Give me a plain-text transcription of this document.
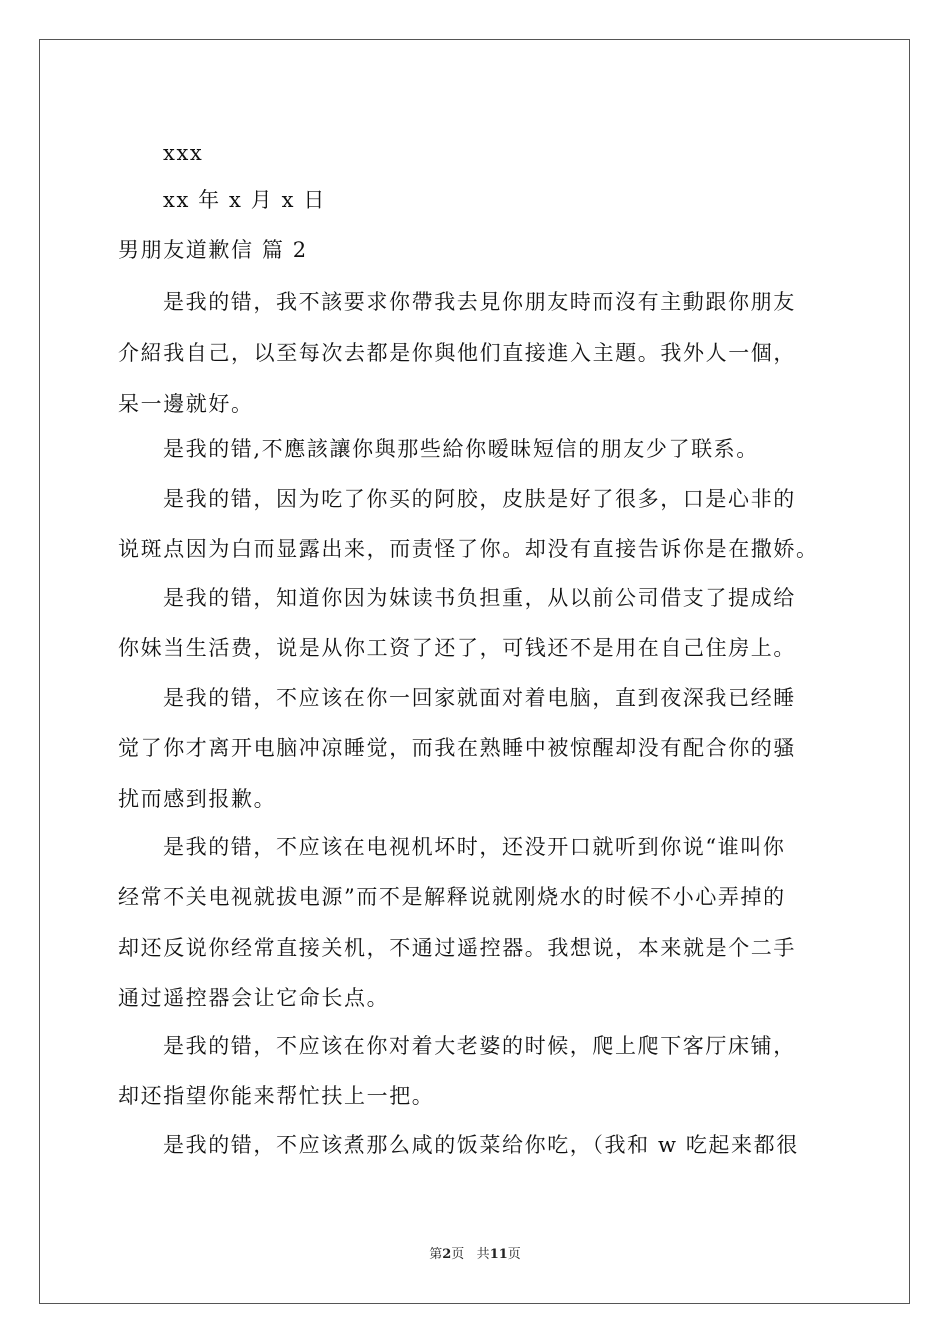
xxx
xx 年 x 月 x 日
男朋友道歉信 篇 2
是我的错，我不該要求你帶我去見你朋友時而沒有主動跟你朋友
介紹我自己，以至每次去都是你與他们直接進入主題。我外人一個，
呆一邊就好。
是我的错,不應該讓你與那些給你暧昧短信的朋友少了联系。
是我的错，因为吃了你买的阿胶，皮肤是好了很多，口是心非的
说斑点因为白而显露出来，而责怪了你。却没有直接告诉你是在撒娇。
是我的错，知道你因为妹读书负担重，从以前公司借支了提成给
你妹当生活费，说是从你工资了还了，可钱还不是用在自己住房上。
是我的错，不应该在你一回家就面对着电脑，直到夜深我已经睡
觉了你才离开电脑冲凉睡觉，而我在熟睡中被惊醒却没有配合你的骚
扰而感到报歉。
是我的错，不应该在电视机坏时，还没开口就听到你说“谁叫你
经常不关电视就拔电源”而不是解释说就刚烧水的时候不小心弄掉的
却还反说你经常直接关机，不通过遥控器。我想说，本来就是个二手
通过遥控器会让它命长点。
是我的错，不应该在你对着大老婆的时候，爬上爬下客厅床铺，
却还指望你能来帮忙扶上一把。
是我的错，不应该煮那么咸的饭菜给你吃，（我和 w 吃起来都很
第2页 共11页
